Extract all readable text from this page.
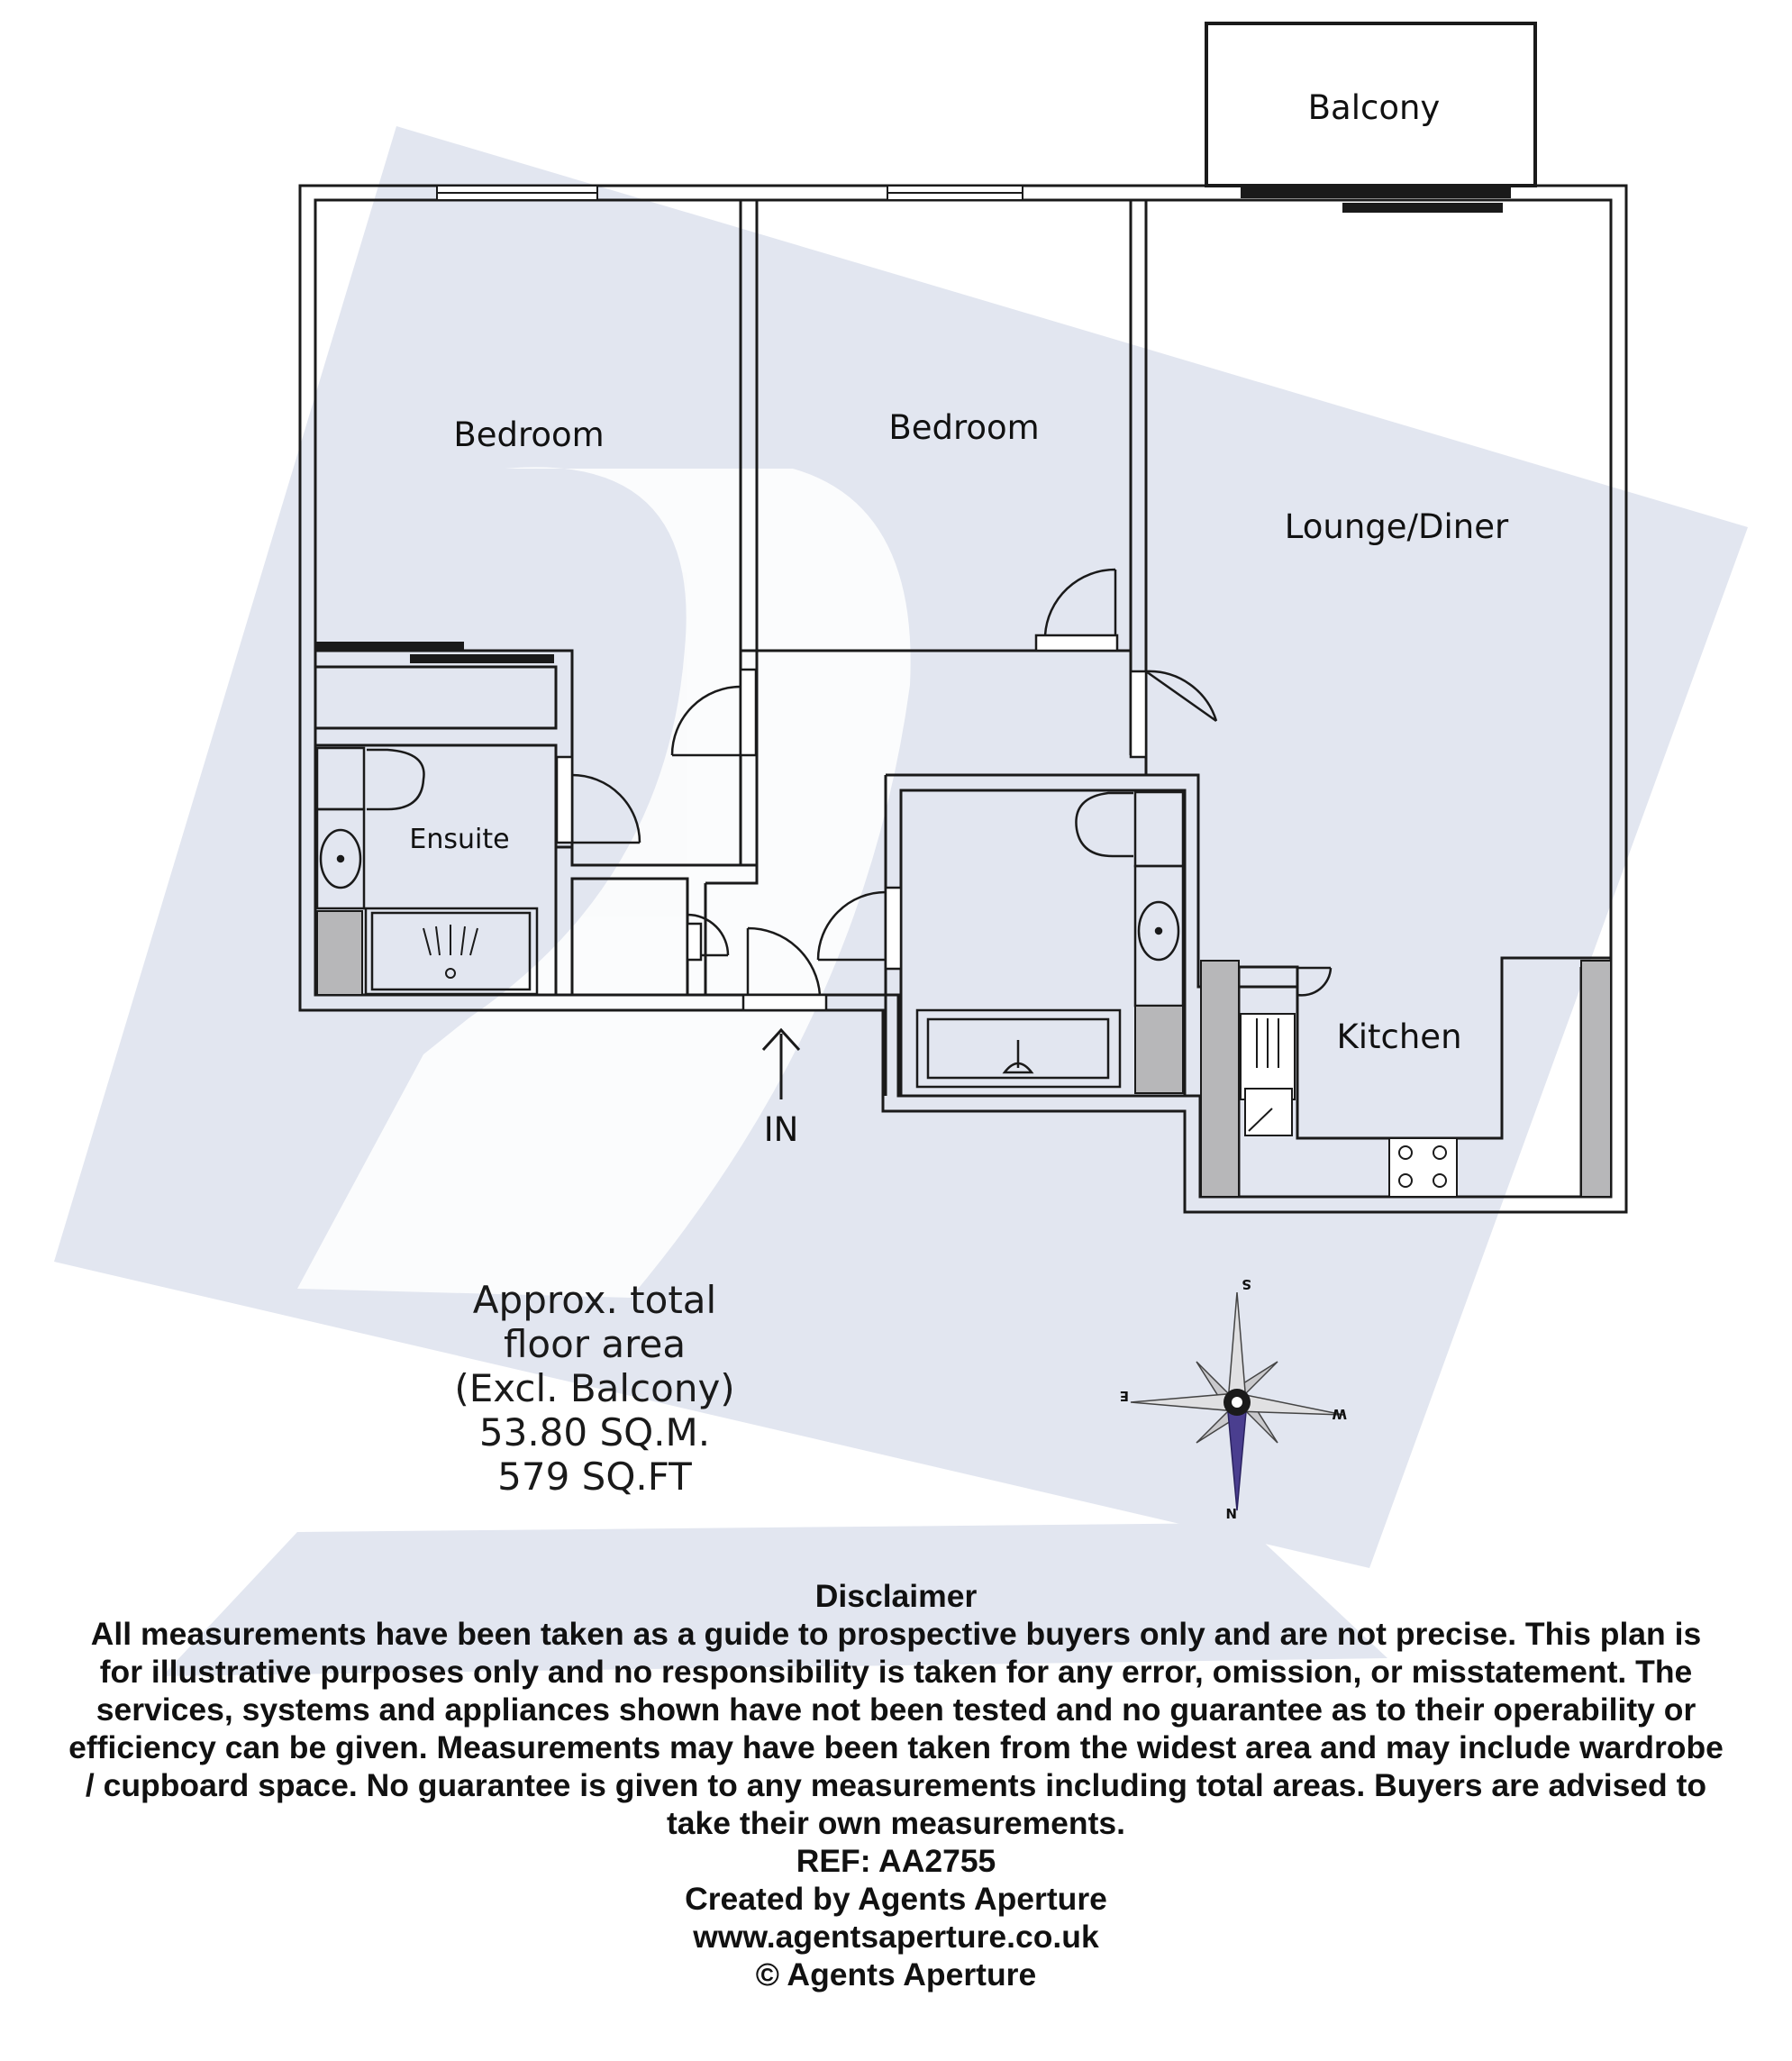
Balcony
Bedroom	Bedroom
Lounge/Diner
Ensuite
Kitchen
IN
S
E
W
N
Approx. total
floor area
(Excl. Balcony)
53.80 SQ.M.
579 SQ.FT
Disclaimer
All measurements have been taken as a guide to prospective buyers only and are not precise. This plan is
for illustrative purposes only and no responsibility is taken for any error, omission, or misstatement. The
services, systems and appliances shown have not been tested and no guarantee as to their operability or
efficiency can be given. Measurements may have been taken from the widest area and may include wardrobe
/ cupboard space. No guarantee is given to any measurements including total areas. Buyers are advised to
take their own measurements.
REF: AA2755
Created by Agents Aperture
www.agentsaperture.co.uk
© Agents Aperture
